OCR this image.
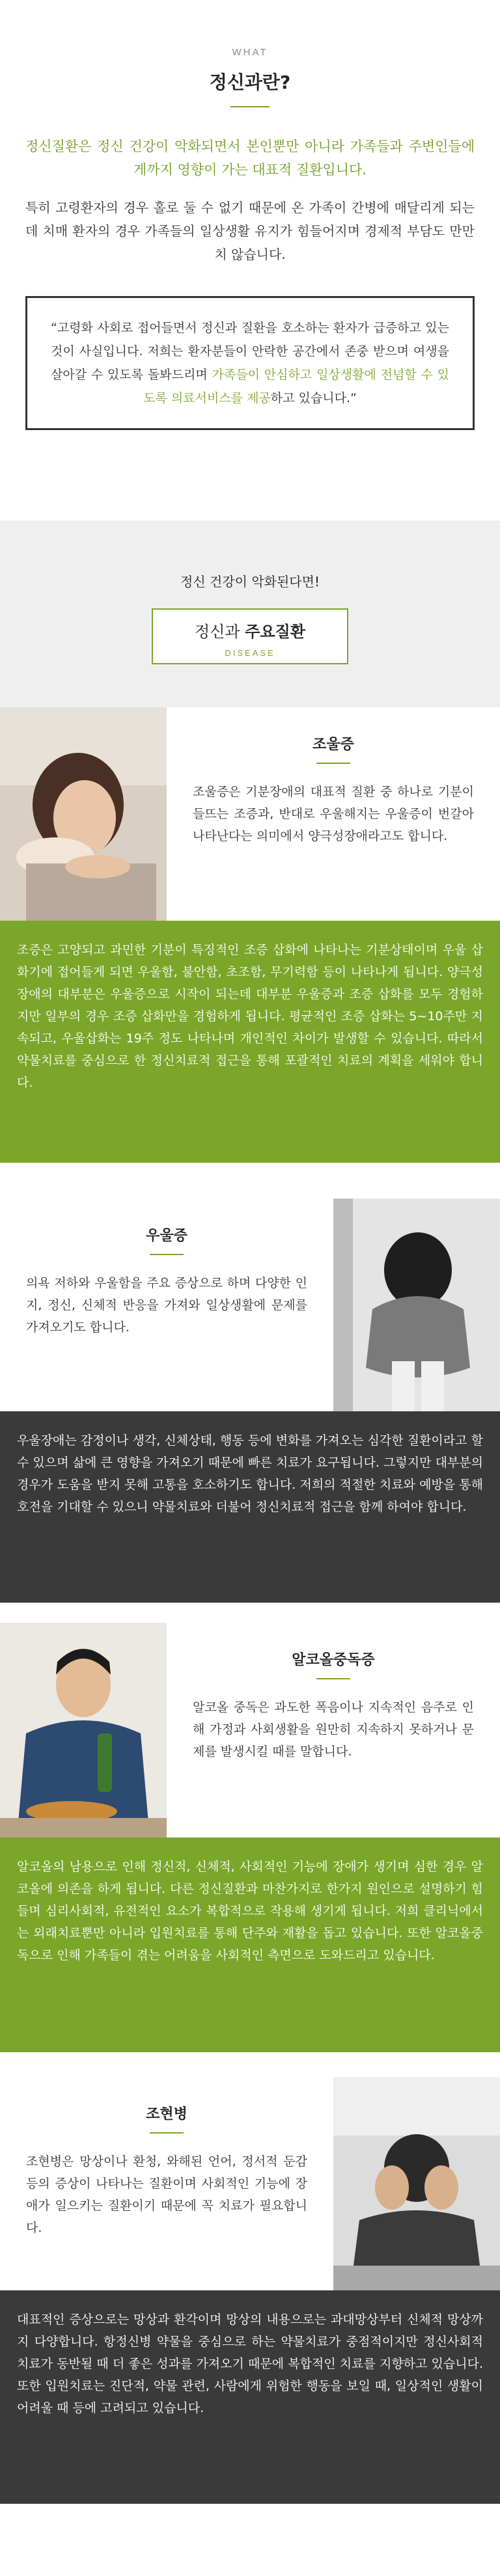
WHAT
정신과란?

정신질환은 정신 건강이 악화되면서 본인뿐만 아니라 가족들과 주변인들에게까지 영향이 가는 대표적 질환입니다.

특히 고령환자의 경우 홀로 둘 수 없기 때문에 온 가족이 간병에 매달리게 되는데 치매 환자의 경우 가족들의 일상생활 유지가 힘들어지며 경제적 부담도 만만치 않습니다.

“고령화 사회로 접어들면서 정신과 질환을 호소하는 환자가 급증하고 있는 것이 사실입니다. 저희는 환자분들이 안락한 공간에서 존중 받으며 여생을 살아갈 수 있도록 돌봐드리며 가족들이 안심하고 일상생활에 전념할 수 있도록 의료서비스를 제공하고 있습니다.”
정신 건강이 악화된다면!
정신과 주요질환
DISEASE
조울증

조울증은 기분장애의 대표적 질환 중 하나로 기분이 들뜨는 조증과, 반대로 우울해지는 우울증이 번갈아 나타난다는 의미에서 양극성장애라고도 합니다.

조증은 고양되고 과민한 기분이 특징적인 조증 삽화에 나타나는 기분상태이며 우울 삽화기에 접어들게 되면 우울함, 불안함, 초조함, 무기력함 등이 나타나게 됩니다. 양극성장애의 대부분은 우울증으로 시작이 되는데 대부분 우울증과 조증 삽화를 모두 경험하지만 일부의 경우 조증 삽화만을 경험하게 됩니다. 평균적인 조증 삽화는 5~10주만 지속되고, 우울삽화는 19주 정도 나타나며 개인적인 차이가 발생할 수 있습니다. 따라서 약물치료를 중심으로 한 정신치료적 접근을 통해 포괄적인 치료의 계획을 세워야 합니다.
우울증

의욕 저하와 우울함을 주요 증상으로 하며 다양한 인지, 정신, 신체적 반응을 가져와 일상생활에 문제를 가져오기도 합니다.

우울장애는 감정이나 생각, 신체상태, 행동 등에 변화를 가져오는 심각한 질환이라고 할 수 있으며 삶에 큰 영향을 가져오기 때문에 빠른 치료가 요구됩니다. 그렇지만 대부분의 경우가 도움을 받지 못해 고통을 호소하기도 합니다. 저희의 적절한 치료와 예방을 통해 호전을 기대할 수 있으니 약물치료와 더불어 정신치료적 접근을 함께 하여야 합니다.
알코올중독증

알코올 중독은 과도한 폭음이나 지속적인 음주로 인해 가정과 사회생활을 원만히 지속하지 못하거나 문제를 발생시킬 때를 말합니다.

알코올의 남용으로 인해 정신적, 신체적, 사회적인 기능에 장애가 생기며 심한 경우 알코올에 의존을 하게 됩니다. 다른 정신질환과 마찬가지로 한가지 원인으로 설명하기 힘들며 심리사회적, 유전적인 요소가 복합적으로 작용해 생기게 됩니다. 저희 클리닉에서는 외래치료뿐만 아니라 입원치료를 통해 단주와 재활을 돕고 있습니다. 또한 알코올중독으로 인해 가족들이 겪는 어려움을 사회적인 측면으로 도와드리고 있습니다.
조현병

조현병은 망상이나 환청, 와해된 언어, 정서적 둔감 등의 증상이 나타나는 질환이며 사회적인 기능에 장애가 일으키는 질환이기 때문에 꼭 치료가 필요합니다.

대표적인 증상으로는 망상과 환각이며 망상의 내용으로는 과대망상부터 신체적 망상까지 다양합니다. 항정신병 약물을 중심으로 하는 약물치료가 중점적이지만 정신사회적 치료가 동반될 때 더 좋은 성과를 가져오기 때문에 복합적인 치료를 지향하고 있습니다. 또한 입원치료는 진단적, 약물 관련, 사람에게 위험한 행동을 보일 때, 일상적인 생활이 어려울 때 등에 고려되고 있습니다.
